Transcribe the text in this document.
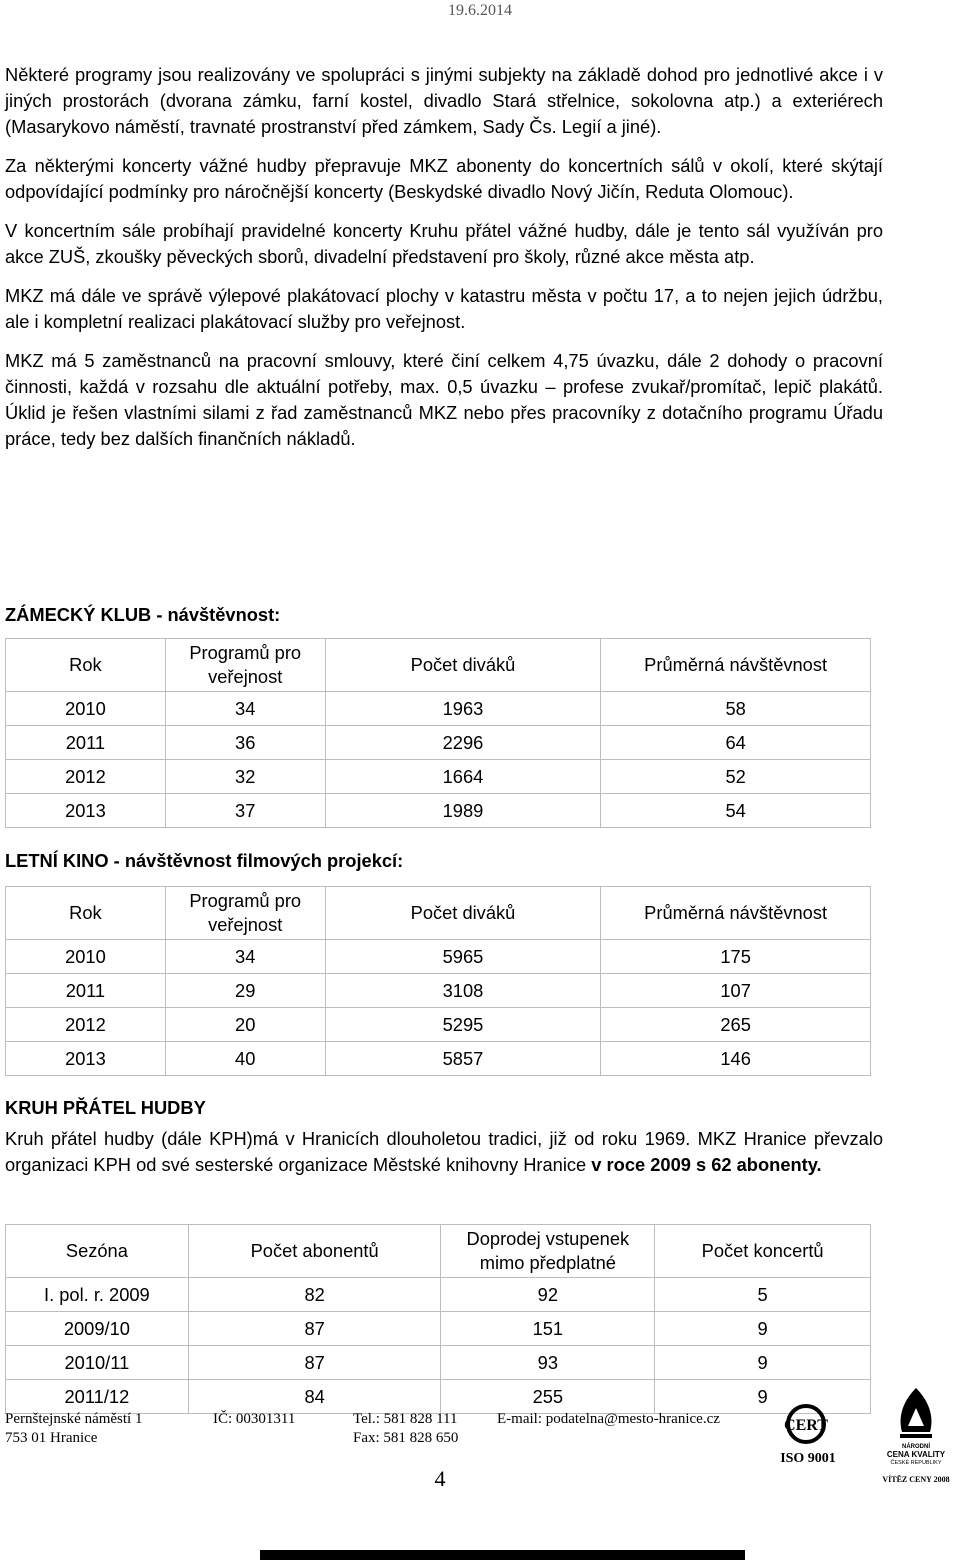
19.6.2014

Některé programy jsou realizovány ve spolupráci s jinými subjekty na základě dohod pro jednotlivé akce i v jiných prostorách (dvorana zámku, farní kostel, divadlo Stará střelnice, sokolovna atp.) a exteriérech (Masarykovo náměstí, travnaté prostranství před zámkem, Sady Čs. Legií a jiné).

Za některými koncerty vážné hudby přepravuje MKZ abonenty do koncertních sálů v okolí, které skýtají odpovídající podmínky pro náročnější koncerty (Beskydské divadlo Nový Jičín, Reduta Olomouc).

V koncertním sále probíhají pravidelné koncerty Kruhu přátel vážné hudby, dále je tento sál využíván pro akce ZUŠ, zkoušky pěveckých sborů, divadelní představení pro školy, různé akce města atp.

MKZ má dále ve správě výlepové plakátovací plochy v katastru města v počtu 17, a to nejen jejich údržbu, ale i kompletní realizaci plakátovací služby pro veřejnost.

MKZ má 5 zaměstnanců na pracovní smlouvy, které činí celkem 4,75 úvazku, dále 2 dohody o pracovní činnosti, každá v rozsahu dle aktuální potřeby, max. 0,5 úvazku – profese zvukař/promítač, lepič plakátů. Úklid je řešen vlastními silami z řad zaměstnanců MKZ nebo přes pracovníky z dotačního programu Úřadu práce, tedy bez dalších finančních nákladů.

ZÁMECKÝ KLUB - návštěvnost:
Rok	Programů pro veřejnost	Počet diváků	Průměrná návštěvnost
2010	34	1963	58
2011	36	2296	64
2012	32	1664	52
2013	37	1989	54
LETNÍ KINO - návštěvnost filmových projekcí:
Rok	Programů pro veřejnost	Počet diváků	Průměrná návštěvnost
2010	34	5965	175
2011	29	3108	107
2012	20	5295	265
2013	40	5857	146
KRUH PŘÁTEL HUDBY

Kruh přátel hudby (dále KPH)má v Hranicích dlouholetou tradici, již od roku 1969. MKZ Hranice převzalo organizaci KPH od své sesterské organizace Městské knihovny Hranice v roce 2009 s 62 abonenty.

Sezóna	Počet abonentů	Doprodej vstupenek mimo předplatné	Počet koncertů
I. pol. r. 2009	82	92	5
2009/10	87	151	9
2010/11	87	93	9
2011/12	84	255	9
Pernštejnské náměstí 1
753 01 Hranice
IČ: 00301311	Tel.: 581 828 111
Fax: 581 828 650
E-mail: podatelna@mesto-hranice.cz
4
CERT
ISO 9001
NÁRODNÍ
CENA KVALITY
ČESKÉ REPUBLIKY
VÍTĚZ CENY 2008
